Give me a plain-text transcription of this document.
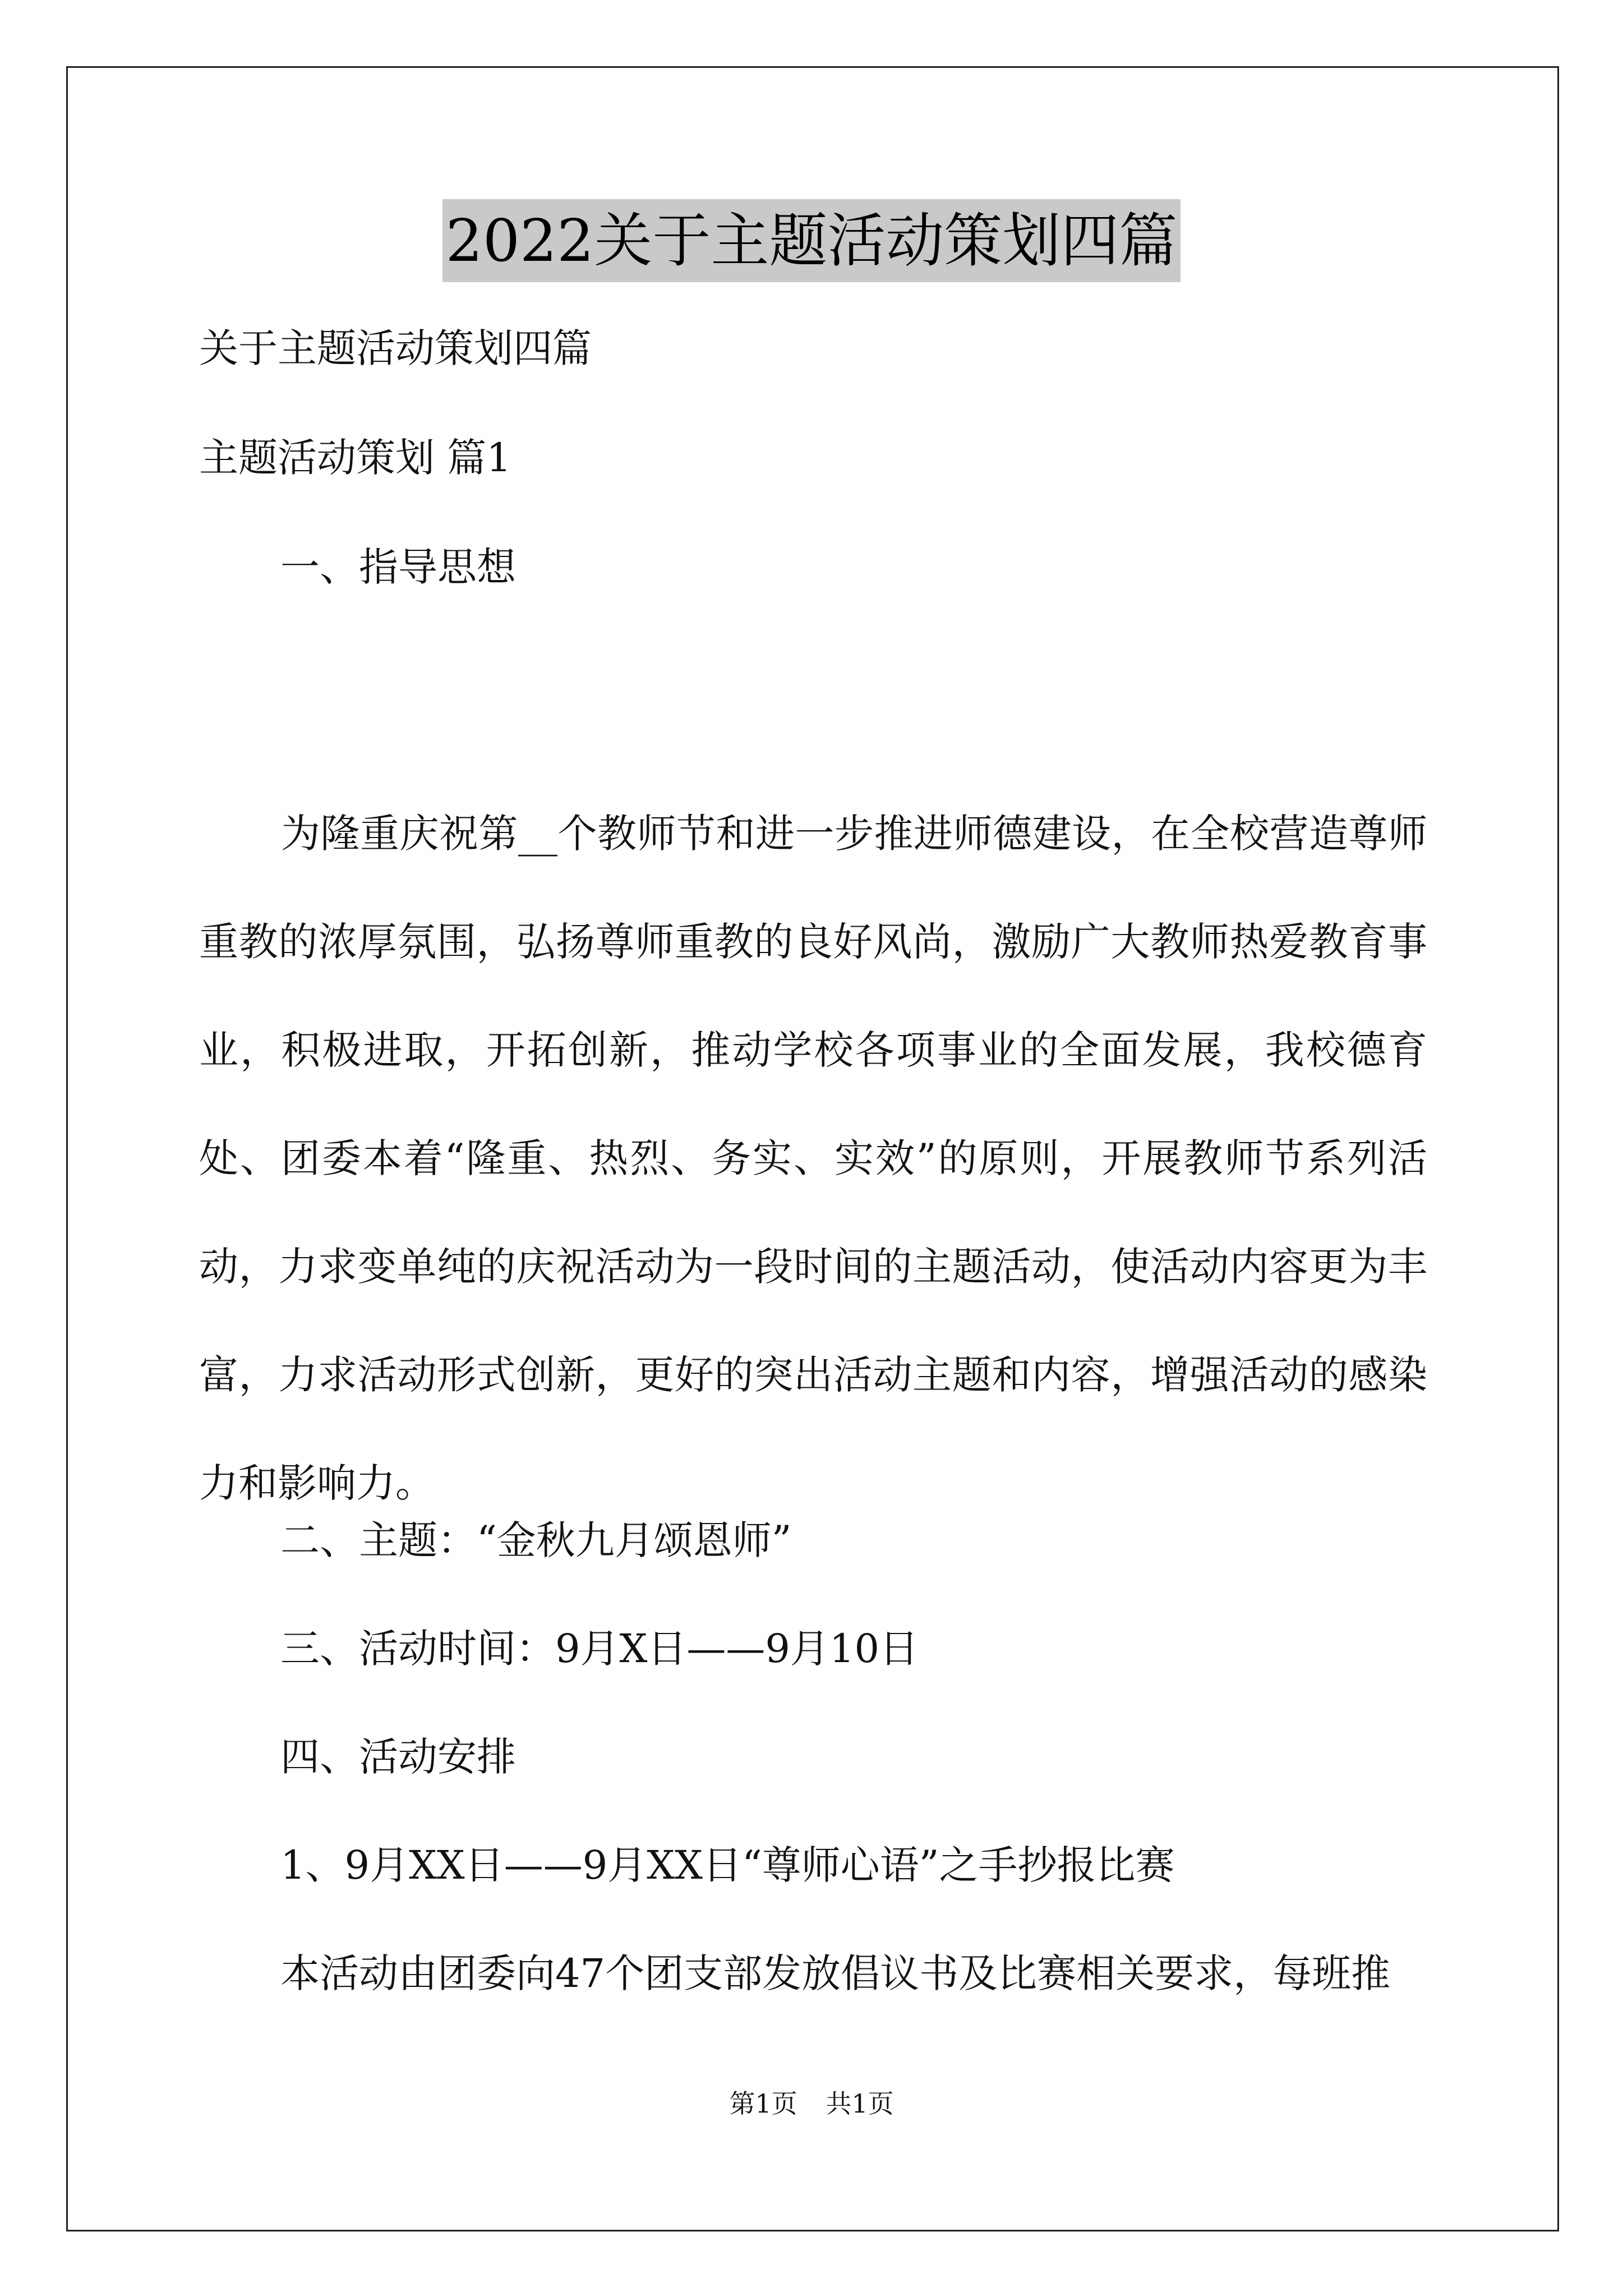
2022关于主题活动策划四篇

关于主题活动策划四篇

主题活动策划 篇1

一、指导思想

为隆重庆祝第__个教师节和进一步推进师德建设，在全校营造尊师重教的浓厚氛围，弘扬尊师重教的良好风尚，激励广大教师热爱教育事业，积极进取，开拓创新，推动学校各项事业的全面发展，我校德育处、团委本着“隆重、热烈、务实、实效”的原则，开展教师节系列活动，力求变单纯的庆祝活动为一段时间的主题活动，使活动内容更为丰富，力求活动形式创新，更好的突出活动主题和内容，增强活动的感染力和影响力。

二、主题：“金秋九月颂恩师”

三、活动时间：9月X日——9月10日

四、活动安排

1、9月XX日——9月XX日“尊师心语”之手抄报比赛

本活动由团委向47个团支部发放倡议书及比赛相关要求，每班推

第1页 共1页
